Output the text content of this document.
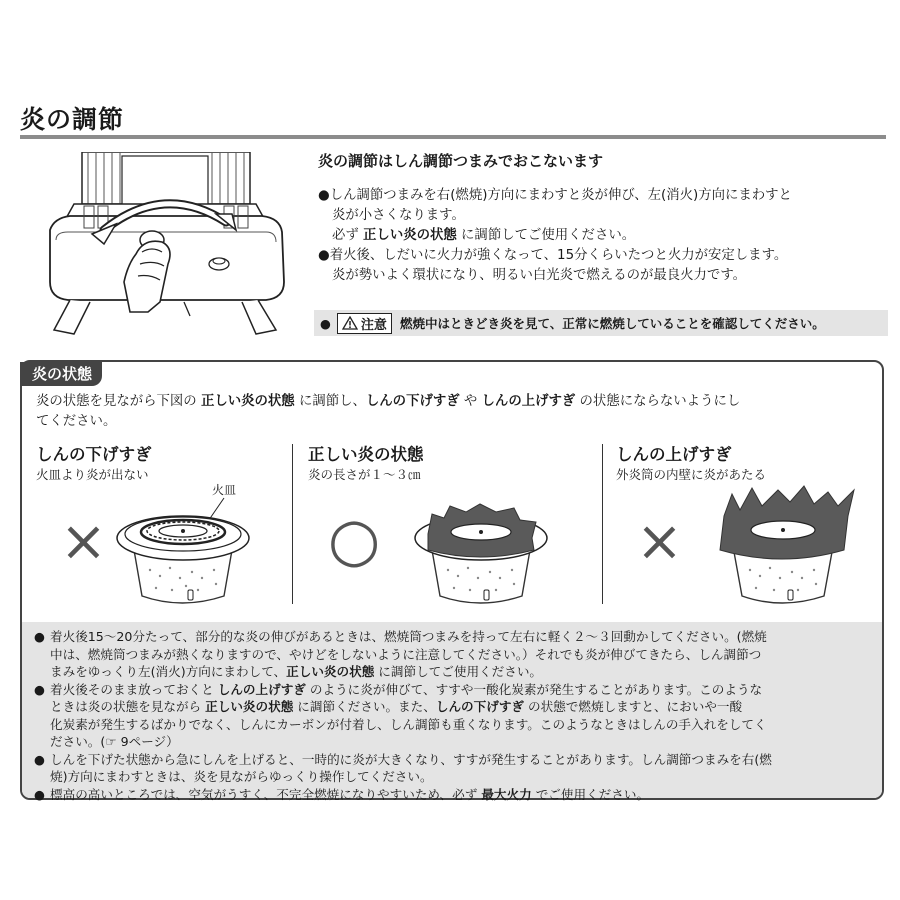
炎の調節
炎の調節はしん調節つまみでおこないます

●しん調節つまみを右(燃焼)方向にまわすと炎が伸び、左(消火)方向にまわすと

炎が小さくなります。

必ず 正しい炎の状態 に調節してご使用ください。

●着火後、しだいに火力が強くなって、15分くらいたつと火力が安定します。

炎が勢いよく環状になり、明るい白光炎で燃えるのが最良火力です。

● 注意 燃焼中はときどき炎を見て、正常に燃焼していることを確認してください。
炎の状態
炎の状態を見ながら下図の 正しい炎の状態 に調節し、しんの下げすぎ や しんの上げすぎ の状態にならないようにし
てください。
しんの下げすぎ
火皿より炎が出ない
正しい炎の状態
炎の長さが１～３㎝
しんの上げすぎ
外炎筒の内壁に炎があたる
×
火皿
○	×
● 着火後15～20分たって、部分的な炎の伸びがあるときは、燃焼筒つまみを持って左右に軽く２～３回動かしてください。(燃焼
中は、燃焼筒つまみが熱くなりますので、やけどをしないように注意してください。）それでも炎が伸びてきたら、しん調節つ
まみをゆっくり左(消火)方向にまわして、正しい炎の状態 に調節してご使用ください。
● 着火後そのまま放っておくと しんの上げすぎ のように炎が伸びて、すすや一酸化炭素が発生することがあります。このような
ときは炎の状態を見ながら 正しい炎の状態 に調節ください。また、しんの下げすぎ の状態で燃焼しますと、においや一酸
化炭素が発生するばかりでなく、しんにカーボンが付着し、しん調節も重くなります。このようなときはしんの手入れをしてく
ださい。(☞ 9ページ）
● しんを下げた状態から急にしんを上げると、一時的に炎が大きくなり、すすが発生することがあります。しん調節つまみを右(燃
焼)方向にまわすときは、炎を見ながらゆっくり操作してください。
● 標高の高いところでは、空気がうすく、不完全燃焼になりやすいため、必ず 最大火力 でご使用ください。
